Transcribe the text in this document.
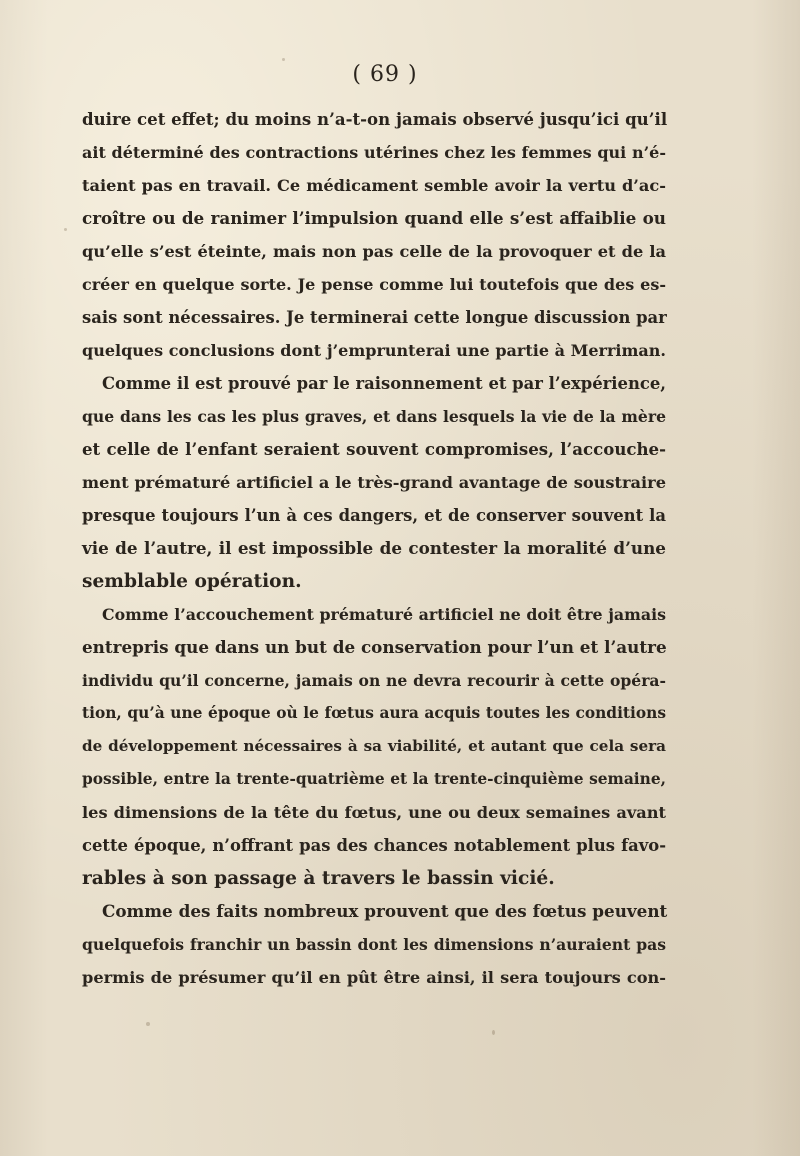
( 69 )
duire cet effet; du moins n’a-t-on jamais observé jusqu’ici qu’il
ait déterminé des contractions utérines chez les femmes qui n’é-
taient pas en travail. Ce médicament semble avoir la vertu d’ac-
croître ou de ranimer l’impulsion quand elle s’est affaiblie ou
qu’elle s’est éteinte, mais non pas celle de la provoquer et de la
créer en quelque sorte. Je pense comme lui toutefois que des es-
sais sont nécessaires. Je terminerai cette longue discussion par
quelques conclusions dont j’emprunterai une partie à Merriman.
Comme il est prouvé par le raisonnement et par l’expérience,
que dans les cas les plus graves, et dans lesquels la vie de la mère
et celle de l’enfant seraient souvent compromises, l’accouche-
ment prématuré artificiel a le très-grand avantage de soustraire
presque toujours l’un à ces dangers, et de conserver souvent la
vie de l’autre, il est impossible de contester la moralité d’une
semblable opération.
Comme l’accouchement prématuré artificiel ne doit être jamais
entrepris que dans un but de conservation pour l’un et l’autre
individu qu’il concerne, jamais on ne devra recourir à cette opéra-
tion, qu’à une époque où le fœtus aura acquis toutes les conditions
de développement nécessaires à sa viabilité, et autant que cela sera
possible, entre la trente-quatrième et la trente-cinquième semaine,
les dimensions de la tête du fœtus, une ou deux semaines avant
cette époque, n’offrant pas des chances notablement plus favo-
rables à son passage à travers le bassin vicié.
Comme des faits nombreux prouvent que des fœtus peuvent
quelquefois franchir un bassin dont les dimensions n’auraient pas
permis de présumer qu’il en pût être ainsi, il sera toujours con-
